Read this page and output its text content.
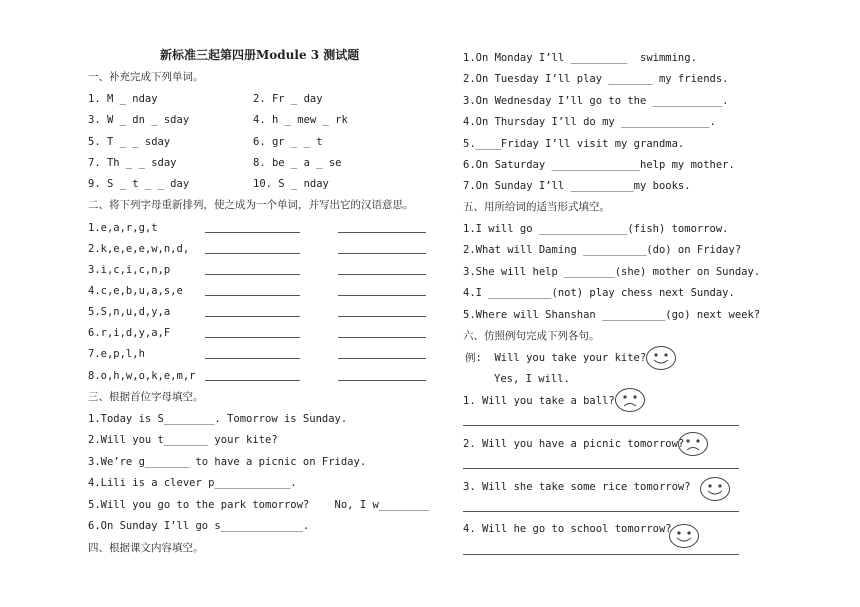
新标准三起第四册Module 3 测试题
一、补充完成下列单词。
1. M _ nday	2. Fr _ day
3. W _ dn _ sday	4. h _ mew _ rk
5. T _ _ sday	6. gr _ _ t
7. Th _ _ sday	8. be _ a _ se
9. S _ t _ _ day	10. S _ nday
二、将下列字母重新排列，使之成为一个单词，并写出它的汉语意思。
1.e,a,r,g,t
2.k,e,e,e,w,n,d,
3.i,c,i,c,n,p
4.c,e,b,u,a,s,e
5.S,n,u,d,y,a
6.r,i,d,y,a,F
7.e,p,l,h
8.o,h,w,o,k,e,m,r
三、根据首位字母填空。
1.Today is S________. Tomorrow is Sunday.
2.Will you t_______ your kite?
3.We’re g_______ to have a picnic on Friday.
4.Lili is a clever p____________.
5.Will you go to the park tomorrow?    No, I w________
6.On Sunday I’ll go s_____________.
四、根据课文内容填空。
1.On Monday I’ll _________  swimming.
2.On Tuesday I’ll play _______ my friends.
3.On Wednesday I’ll go to the ___________.
4.On Thursday I’ll do my ______________.
5.____Friday I’ll visit my grandma.
6.On Saturday ______________help my mother.
7.On Sunday I’ll __________my books.
五、用所给词的适当形式填空。
1.I will go ______________(fish) tomorrow.
2.What will Daming __________(do) on Friday?
3.She will help ________(she) mother on Sunday.
4.I __________(not) play chess next Sunday.
5.Where will Shanshan __________(go) next week?
六、仿照例句完成下列各句。
例:  Will you take your kite?
Yes, I will.
1. Will you take a ball?
2. Will you have a picnic tomorrow?
3. Will she take some rice tomorrow?
4. Will he go to school tomorrow?
